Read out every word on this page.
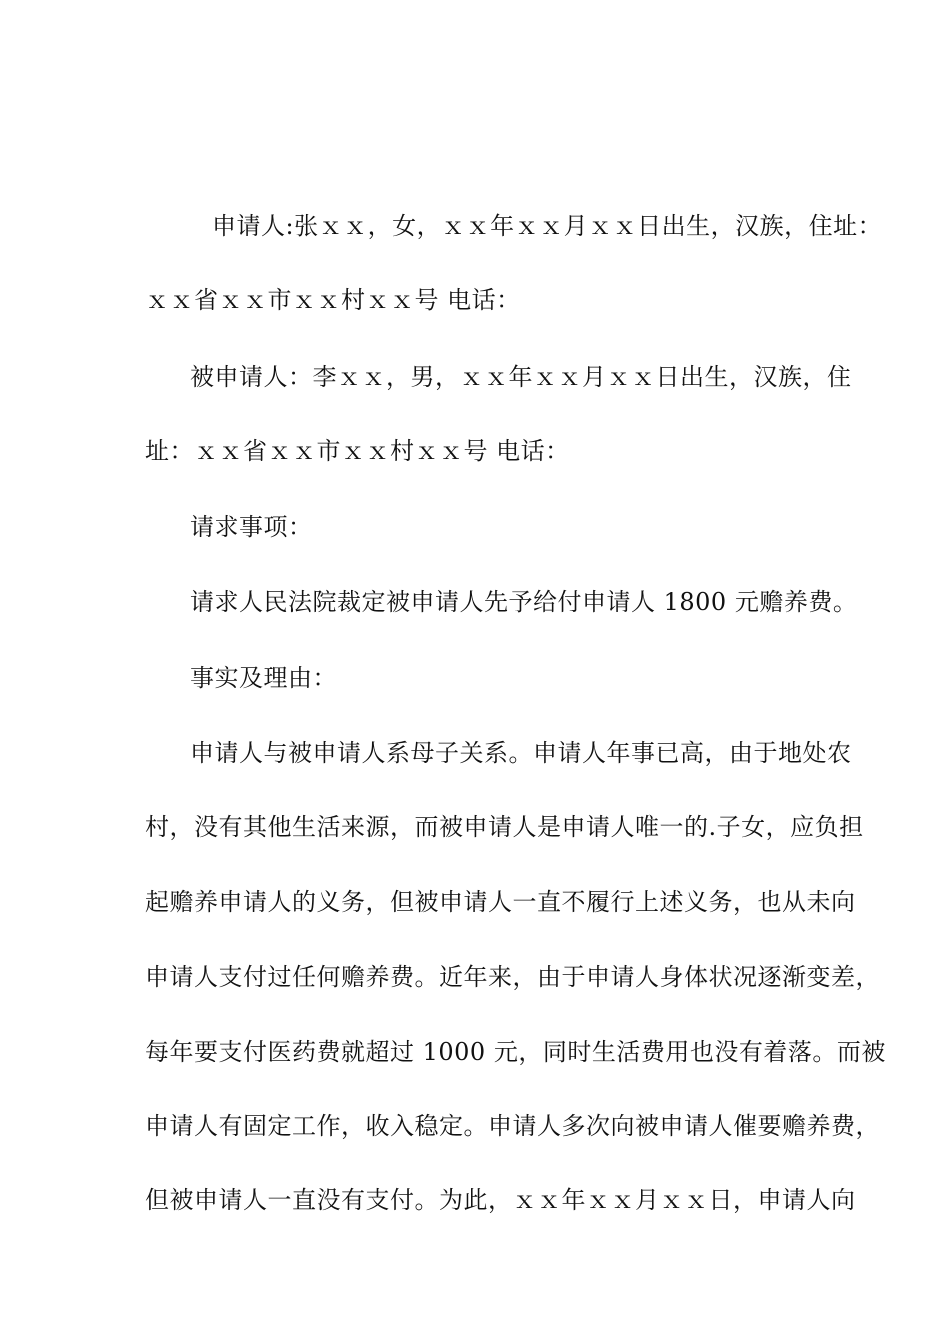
申请人:张ｘｘ，女，ｘｘ年ｘｘ月ｘｘ日出生，汉族，住址：
ｘｘ省ｘｘ市ｘｘ村ｘｘ号 电话：
被申请人：李ｘｘ，男，ｘｘ年ｘｘ月ｘｘ日出生，汉族，住
址：ｘｘ省ｘｘ市ｘｘ村ｘｘ号 电话：
请求事项：
请求人民法院裁定被申请人先予给付申请人 1800 元赡养费。
事实及理由：
申请人与被申请人系母子关系。申请人年事已高，由于地处农
村，没有其他生活来源，而被申请人是申请人唯一的.子女，应负担
起赡养申请人的义务，但被申请人一直不履行上述义务，也从未向
申请人支付过任何赡养费。近年来，由于申请人身体状况逐渐变差，
每年要支付医药费就超过 1000 元，同时生活费用也没有着落。而被
申请人有固定工作，收入稳定。申请人多次向被申请人催要赡养费，
但被申请人一直没有支付。为此，ｘｘ年ｘｘ月ｘｘ日，申请人向
